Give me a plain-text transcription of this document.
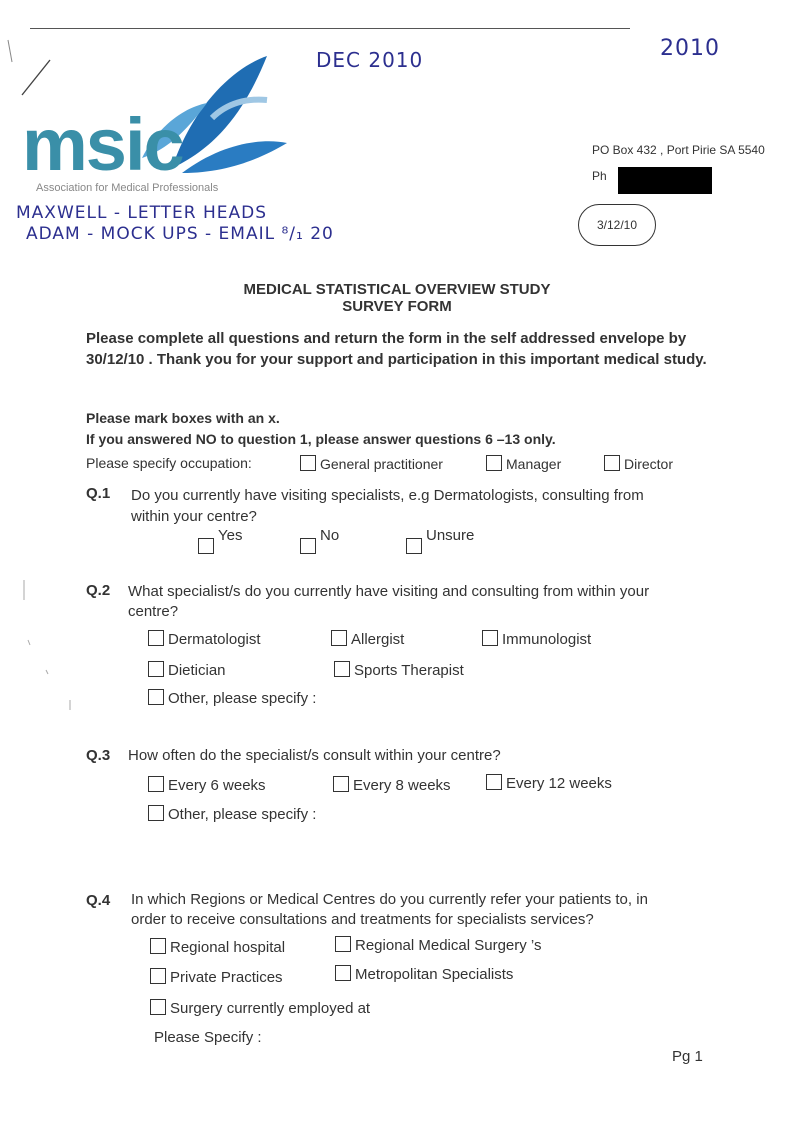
DEC 2010	2010
MAXWELL - LETTER HEADS
ADAM - MOCK UPS - EMAIL ⁸/₁ 20
msic
Association for Medical Professionals
PO Box 432 , Port Pirie SA 5540
Ph
3/12/10
MEDICAL STATISTICAL OVERVIEW STUDY
SURVEY FORM
Please complete all questions and return the form in the self addressed envelope by
30/12/10 . Thank you for your support and participation in this important medical study.
Please mark boxes with an x.
If you answered NO to question 1, please answer questions 6 –13 only.
Please specify occupation:	General practitioner	Manager	Director
Q.1 Do you currently have visiting specialists, e.g Dermatologists, consulting from
within your centre?
Yes	No	Unsure
Q.2 What specialist/s do you currently have visiting and consulting from within your
centre?
Dermatologist	Allergist	Immunologist
Dietician	Sports Therapist
Other, please specify :
Q.3 How often do the specialist/s consult within your centre?
Every 6 weeks	Every 8 weeks	Every 12 weeks
Other, please specify :
Q.4 In which Regions or Medical Centres do you currently refer your patients to, in
order to receive consultations and treatments for specialists services?
Regional hospital	Regional Medical Surgery ’s
Private Practices	Metropolitan Specialists
Surgery currently employed at
Please Specify :
Pg 1
